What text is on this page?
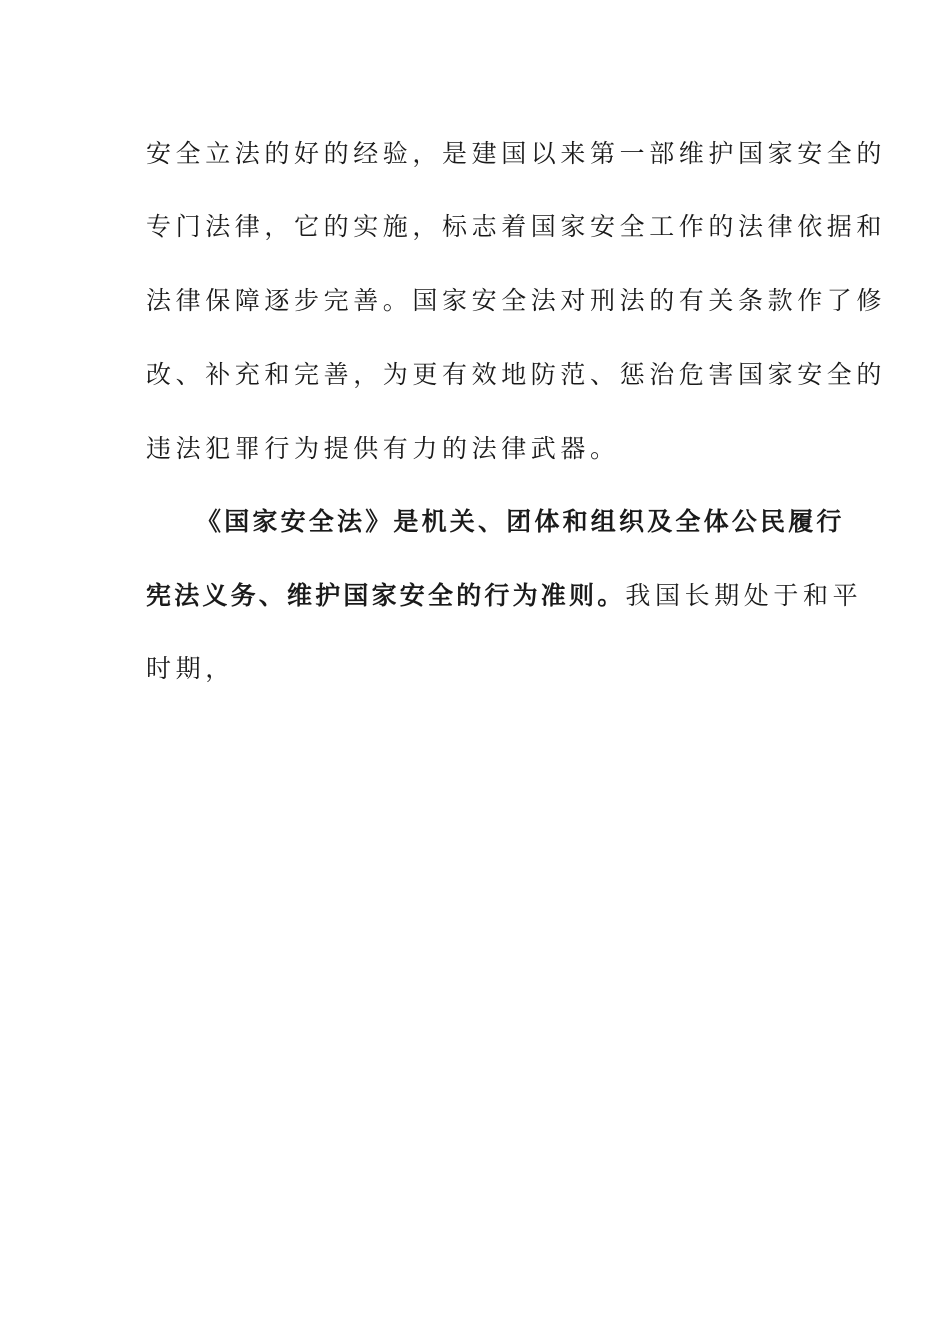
安全立法的好的经验，是建国以来第一部维护国家安全的
专门法律，它的实施，标志着国家安全工作的法律依据和
法律保障逐步完善。国家安全法对刑法的有关条款作了修
改、补充和完善，为更有效地防范、惩治危害国家安全的
违法犯罪行为提供有力的法律武器。
《国家安全法》是机关、团体和组织及全体公民履行
宪法义务、维护国家安全的行为准则。我国长期处于和平
时期，
